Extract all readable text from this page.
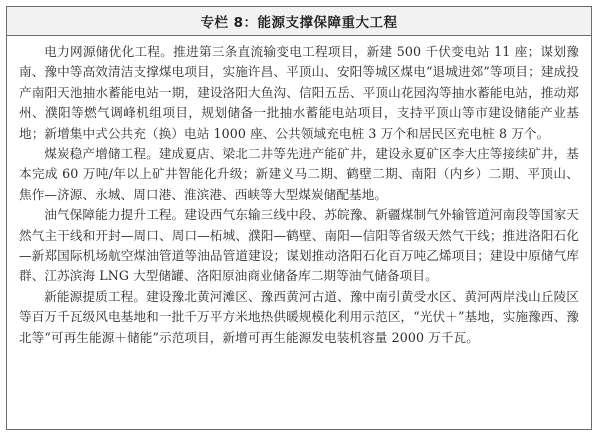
专栏 8：能源支撑保障重大工程

电力网源储优化工程。推进第三条直流输变电工程项目，新建 500 千伏变电站 11 座；谋划豫南、豫中等高效清洁支撑煤电项目，实施许昌、平顶山、安阳等城区煤电“退城进郊”等项目；建成投产南阳天池抽水蓄能电站一期，建设洛阳大鱼沟、信阳五岳、平顶山花园沟等抽水蓄能电站，推动郑州、濮阳等燃气调峰机组项目，规划储备一批抽水蓄能电站项目，支持平顶山等市建设储能产业基地；新增集中式公共充（换）电站 1000 座、公共领域充电桩 3 万个和居民区充电桩 8 万个。

煤炭稳产增储工程。建成夏店、梁北二井等先进产能矿井，建设永夏矿区李大庄等接续矿井，基本完成 60 万吨/年以上矿井智能化升级；新建义马二期、鹤壁二期、南阳（内乡）二期、平顶山、焦作—济源、永城、周口港、淮滨港、西峡等大型煤炭储配基地。

油气保障能力提升工程。建设西气东输三线中段、苏皖豫、新疆煤制气外输管道河南段等国家天然气主干线和开封—周口、周口—柘城、濮阳—鹤壁、南阳—信阳等省级天然气干线；推进洛阳石化—新郑国际机场航空煤油管道等油品管道建设；谋划推动洛阳石化百万吨乙烯项目；建设中原储气库群、江苏滨海 LNG 大型储罐、洛阳原油商业储备库二期等油气储备项目。

新能源提质工程。建设豫北黄河滩区、豫西黄河古道、豫中南引黄受水区、黄河两岸浅山丘陵区等百万千瓦级风电基地和一批千万平方米地热供暖规模化利用示范区，“光伏＋”基地，实施豫西、豫北等“可再生能源＋储能”示范项目，新增可再生能源发电装机容量 2000 万千瓦。
